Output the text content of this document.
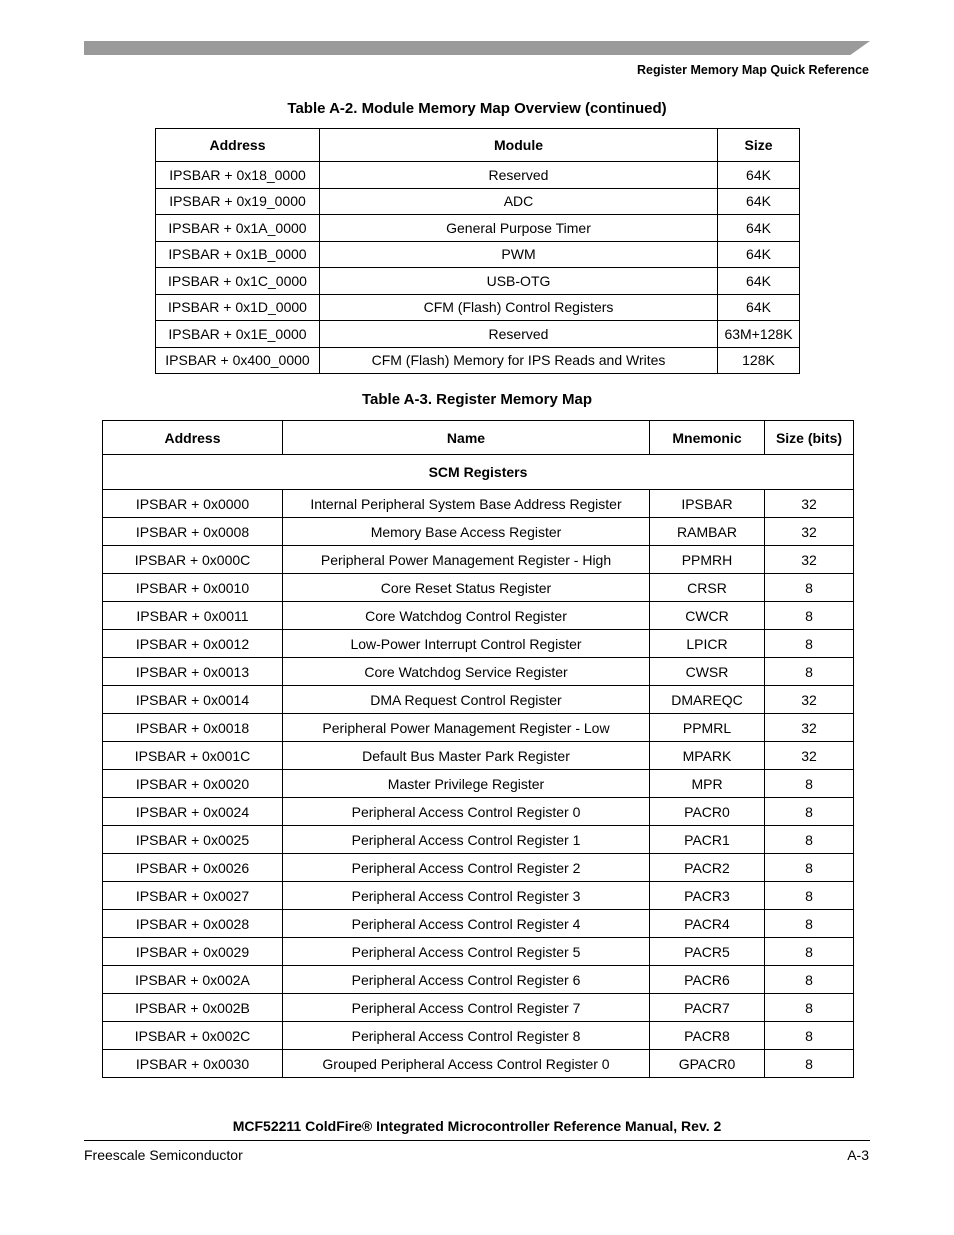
Register Memory Map Quick Reference
Table A-2. Module Memory Map Overview (continued)
Address	Module	Size
IPSBAR + 0x18_0000	Reserved	64K
IPSBAR + 0x19_0000	ADC	64K
IPSBAR + 0x1A_0000	General Purpose Timer	64K
IPSBAR + 0x1B_0000	PWM	64K
IPSBAR + 0x1C_0000	USB-OTG	64K
IPSBAR + 0x1D_0000	CFM (Flash) Control Registers	64K
IPSBAR + 0x1E_0000	Reserved	63M+128K
IPSBAR + 0x400_0000	CFM (Flash) Memory for IPS Reads and Writes	128K
Table A-3. Register Memory Map
Address	Name	Mnemonic	Size (bits)
SCM Registers			
IPSBAR + 0x0000	Internal Peripheral System Base Address Register	IPSBAR	32
IPSBAR + 0x0008	Memory Base Access Register	RAMBAR	32
IPSBAR + 0x000C	Peripheral Power Management Register - High	PPMRH	32
IPSBAR + 0x0010	Core Reset Status Register	CRSR	8
IPSBAR + 0x0011	Core Watchdog Control Register	CWCR	8
IPSBAR + 0x0012	Low-Power Interrupt Control Register	LPICR	8
IPSBAR + 0x0013	Core Watchdog Service Register	CWSR	8
IPSBAR + 0x0014	DMA Request Control Register	DMAREQC	32
IPSBAR + 0x0018	Peripheral Power Management Register - Low	PPMRL	32
IPSBAR + 0x001C	Default Bus Master Park Register	MPARK	32
IPSBAR + 0x0020	Master Privilege Register	MPR	8
IPSBAR + 0x0024	Peripheral Access Control Register 0	PACR0	8
IPSBAR + 0x0025	Peripheral Access Control Register 1	PACR1	8
IPSBAR + 0x0026	Peripheral Access Control Register 2	PACR2	8
IPSBAR + 0x0027	Peripheral Access Control Register 3	PACR3	8
IPSBAR + 0x0028	Peripheral Access Control Register 4	PACR4	8
IPSBAR + 0x0029	Peripheral Access Control Register 5	PACR5	8
IPSBAR + 0x002A	Peripheral Access Control Register 6	PACR6	8
IPSBAR + 0x002B	Peripheral Access Control Register 7	PACR7	8
IPSBAR + 0x002C	Peripheral Access Control Register 8	PACR8	8
IPSBAR + 0x0030	Grouped Peripheral Access Control Register 0	GPACR0	8
MCF52211 ColdFire® Integrated Microcontroller Reference Manual, Rev. 2
Freescale Semiconductor	A-3
